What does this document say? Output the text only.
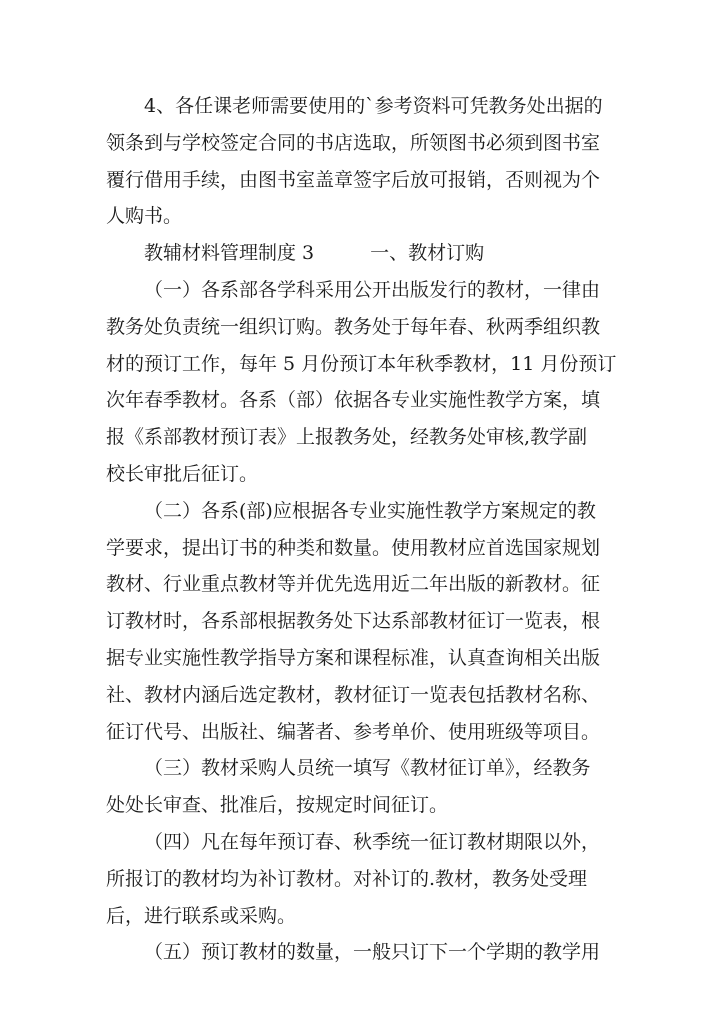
4、各任课老师需要使用的`参考资料可凭教务处出据的
领条到与学校签定合同的书店选取，所领图书必须到图书室
覆行借用手续，由图书室盖章签字后放可报销，否则视为个
人购书。
教辅材料管理制度 3	一、教材订购
（一）各系部各学科采用公开出版发行的教材，一律由
教务处负责统一组织订购。教务处于每年春、秋两季组织教
材的预订工作，每年 5 月份预订本年秋季教材，11 月份预订
次年春季教材。各系（部）依据各专业实施性教学方案，填
报《系部教材预订表》上报教务处，经教务处审核,教学副
校长审批后征订。
（二）各系(部)应根据各专业实施性教学方案规定的教
学要求，提出订书的种类和数量。使用教材应首选国家规划
教材、行业重点教材等并优先选用近二年出版的新教材。征
订教材时，各系部根据教务处下达系部教材征订一览表，根
据专业实施性教学指导方案和课程标准，认真查询相关出版
社、教材内涵后选定教材，教材征订一览表包括教材名称、
征订代号、出版社、编著者、参考单价、使用班级等项目。
（三）教材采购人员统一填写《教材征订单》，经教务
处处长审查、批准后，按规定时间征订。
（四）凡在每年预订春、秋季统一征订教材期限以外，
所报订的教材均为补订教材。对补订的.教材，教务处受理
后，进行联系或采购。
（五）预订教材的数量，一般只订下一个学期的教学用
